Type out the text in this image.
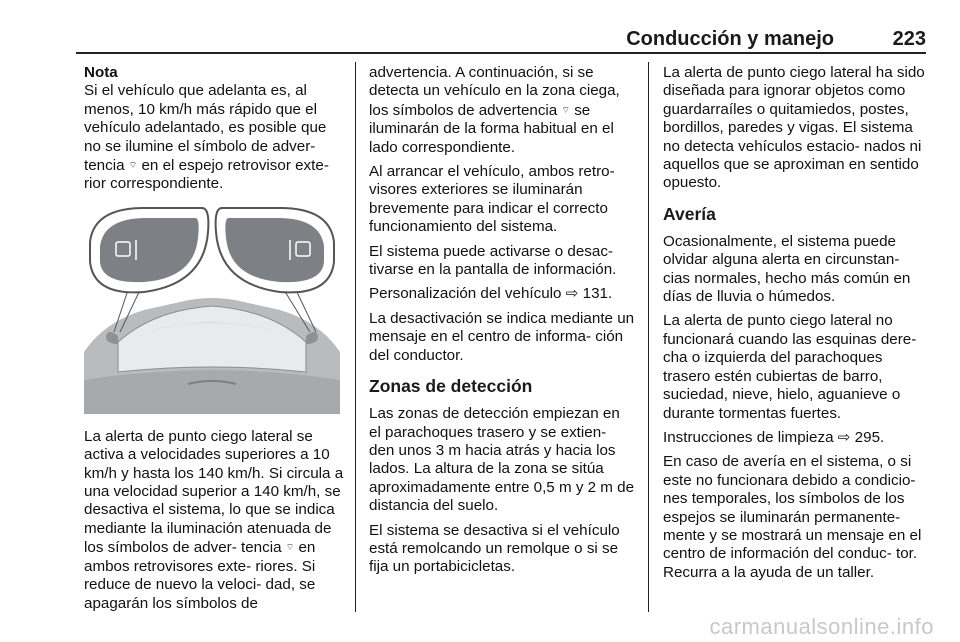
Conducción y manejo	223
Nota

Si el vehículo que adelanta es, al menos, 10 km/h más rápido que el vehículo adelantado, es posible que no se ilumine el símbolo de adver- tencia ⌔ en el espejo retrovisor exte- rior correspondiente.

La alerta de punto ciego lateral se activa a velocidades superiores a 10 km/h y hasta los 140 km/h. Si circula a una velocidad superior a 140 km/h, se desactiva el sistema, lo que se indica mediante la iluminación atenuada de los símbolos de adver- tencia ⌔ en ambos retrovisores exte- riores. Si reduce de nuevo la veloci- dad, se apagarán los símbolos de

advertencia. A continuación, si se detecta un vehículo en la zona ciega, los símbolos de advertencia ⌔ se iluminarán de la forma habitual en el lado correspondiente.

Al arrancar el vehículo, ambos retro- visores exteriores se iluminarán brevemente para indicar el correcto funcionamiento del sistema.

El sistema puede activarse o desac- tivarse en la pantalla de información.

Personalización del vehículo ⇨ 131.

La desactivación se indica mediante un mensaje en el centro de informa- ción del conductor.

Zonas de detección

Las zonas de detección empiezan en el parachoques trasero y se extien- den unos 3 m hacia atrás y hacia los lados. La altura de la zona se sitúa aproximadamente entre 0,5 m y 2 m de distancia del suelo.

El sistema se desactiva si el vehículo está remolcando un remolque o si se fija un portabicicletas.

La alerta de punto ciego lateral ha sido diseñada para ignorar objetos como guardarraíles o quitamiedos, postes, bordillos, paredes y vigas. El sistema no detecta vehículos estacio- nados ni aquellos que se aproximan en sentido opuesto.

Avería

Ocasionalmente, el sistema puede olvidar alguna alerta en circunstan- cias normales, hecho más común en días de lluvia o húmedos.

La alerta de punto ciego lateral no funcionará cuando las esquinas dere- cha o izquierda del parachoques trasero estén cubiertas de barro, suciedad, nieve, hielo, aguanieve o durante tormentas fuertes.

Instrucciones de limpieza ⇨ 295.

En caso de avería en el sistema, o si este no funcionara debido a condicio- nes temporales, los símbolos de los espejos se iluminarán permanente- mente y se mostrará un mensaje en el centro de información del conduc- tor. Recurra a la ayuda de un taller.

carmanualsonline.info
